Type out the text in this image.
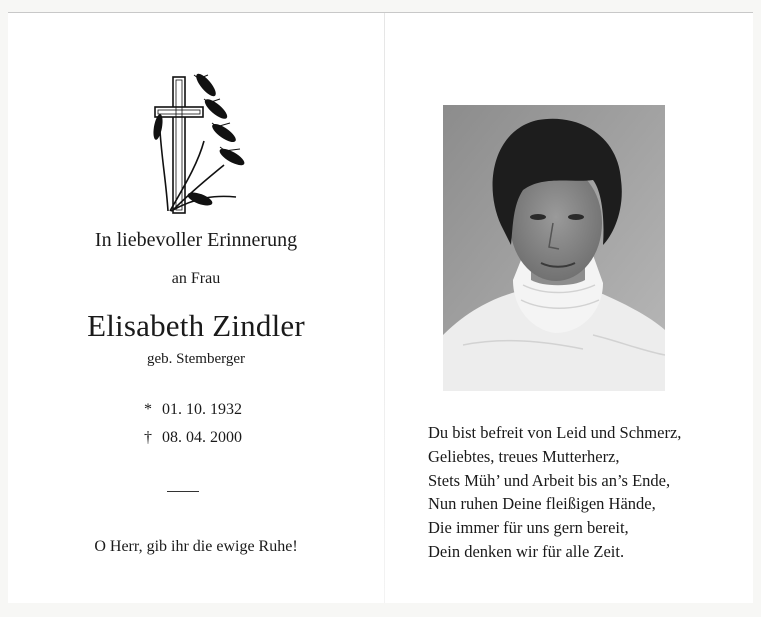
In liebevoller Erinnerung
an Frau
Elisabeth Zindler
geb. Stemberger
* 01. 10. 1932
† 08. 04. 2000
O Herr, gib ihr die ewige Ruhe!
Du bist befreit von Leid und Schmerz,
Geliebtes, treues Mutterherz,
Stets Müh’ und Arbeit bis an’s Ende,
Nun ruhen Deine fleißigen Hände,
Die immer für uns gern bereit,
Dein denken wir für alle Zeit.
